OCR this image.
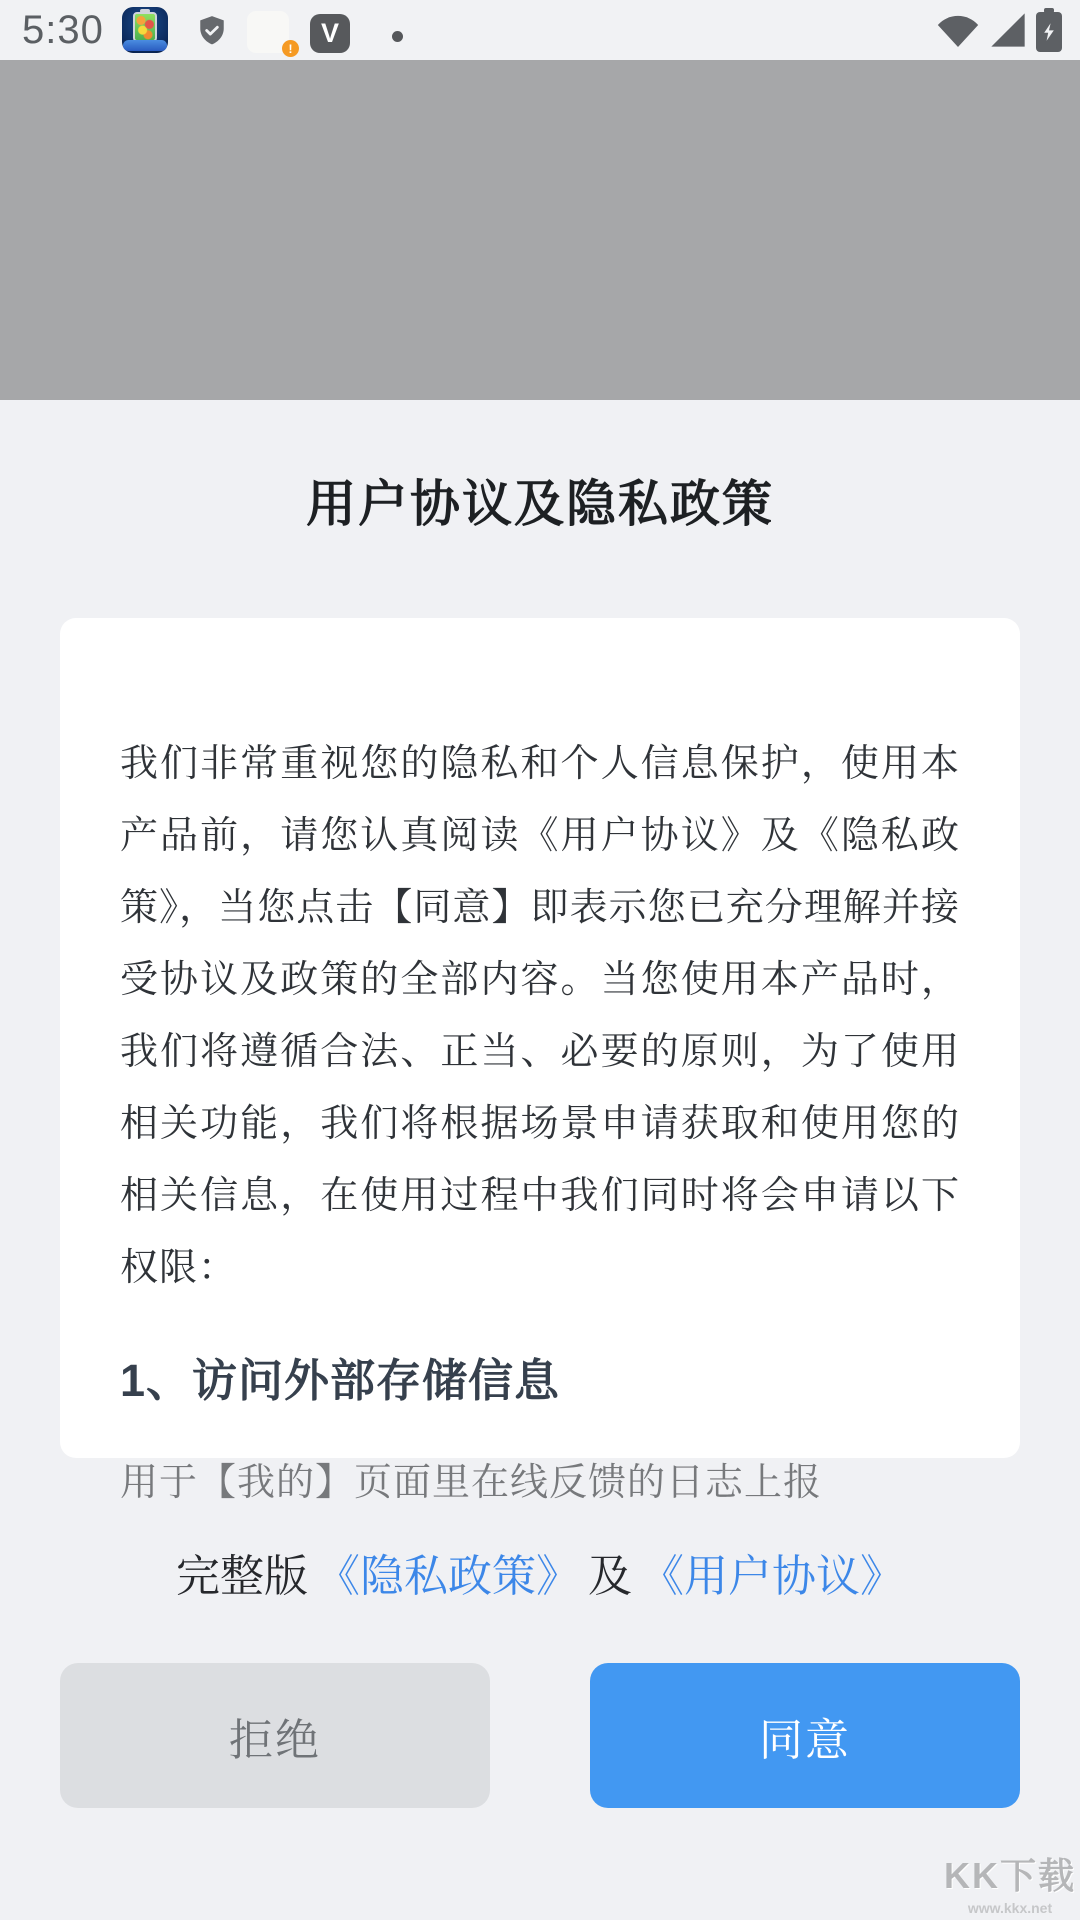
5:30	!
V
用户协议及隐私政策

我们非常重视您的隐私和个人信息保护，使用本产品前，请您认真阅读《用户协议》及《隐私政策》，当您点击【同意】即表示您已充分理解并接受协议及政策的全部内容。当您使用本产品时，我们将遵循合法、正当、必要的原则，为了使用相关功能，我们将根据场景申请获取和使用您的相关信息，在使用过程中我们同时将会申请以下权限：

1、访问外部存储信息
用于【我的】页面里在线反馈的日志上报
完整版 《隐私政策》 及 《用户协议》
拒绝	同意
KK下载
www.kkx.net
